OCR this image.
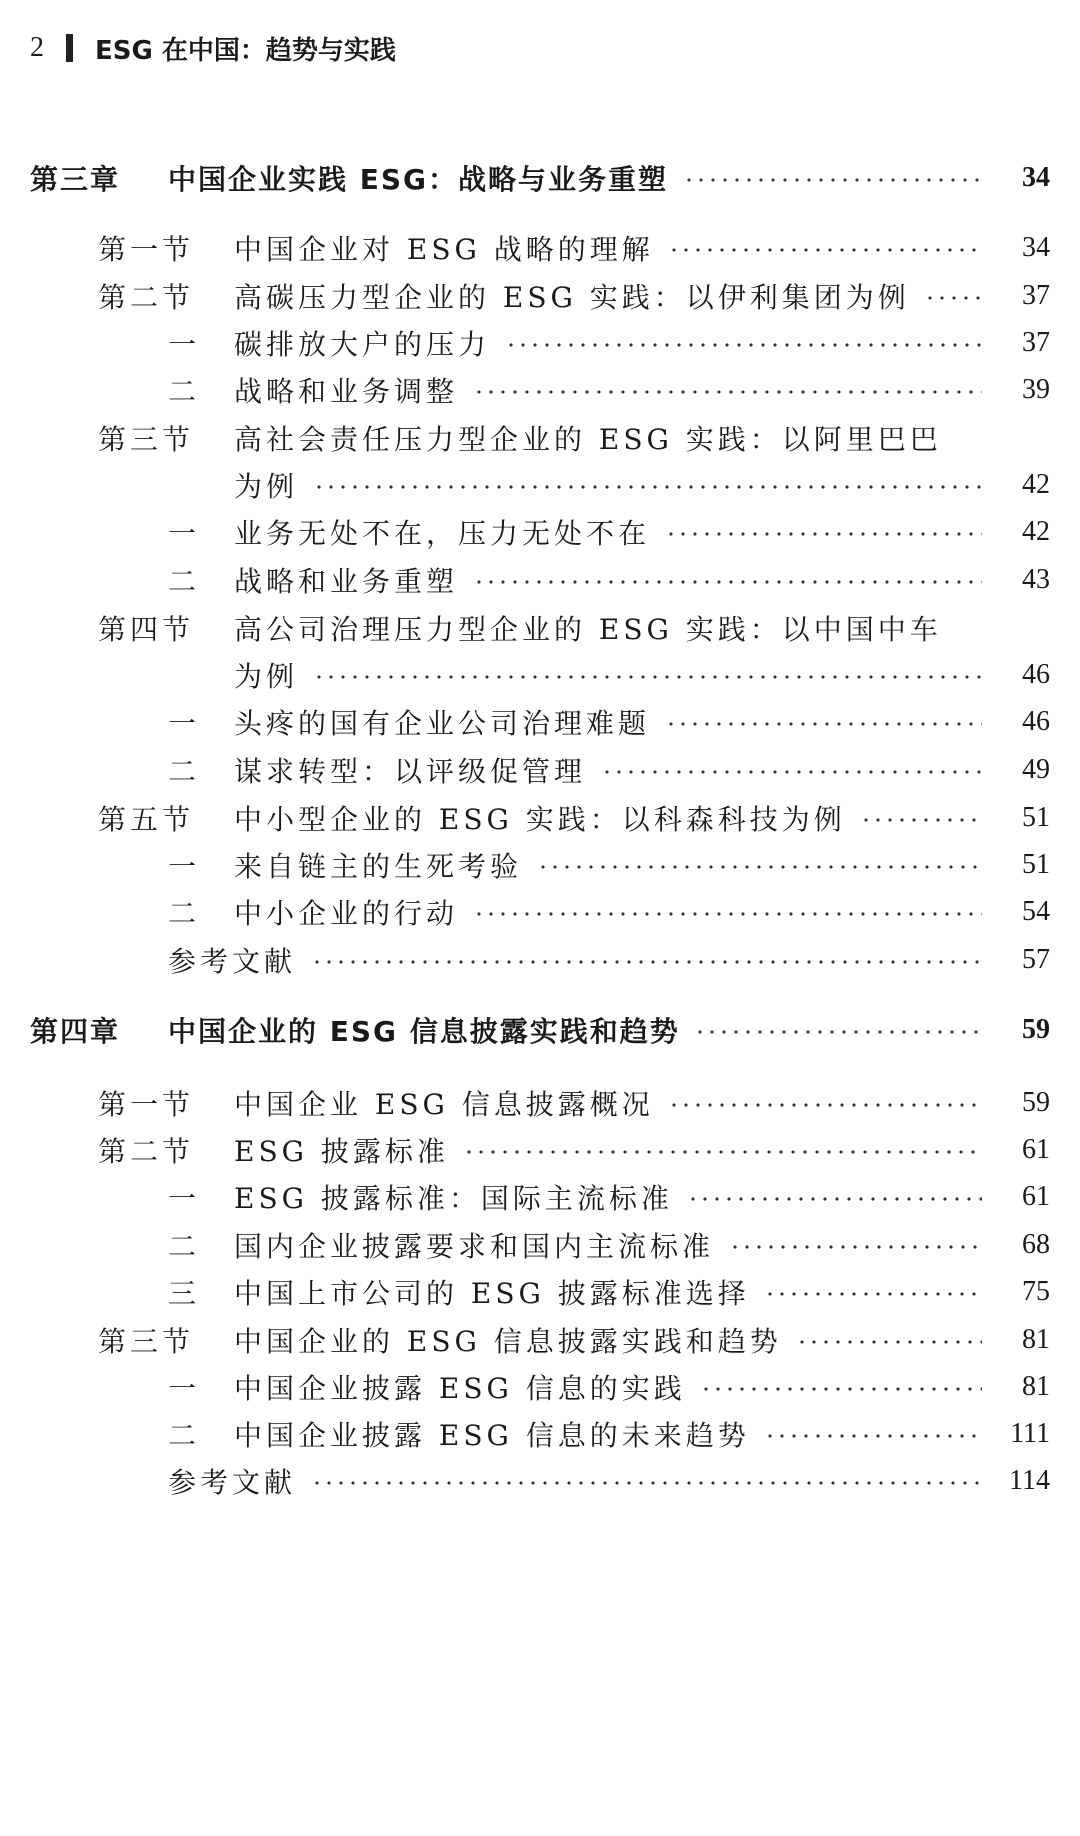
2 ESG 在中国：趋势与实践
第三章 中国企业实践 ESG：战略与业务重塑	34
第一节 中国企业对 ESG 战略的理解	34
第二节 高碳压力型企业的 ESG 实践：以伊利集团为例	37
一 碳排放大户的压力	37
二 战略和业务调整	39
第三节 高社会责任压力型企业的 ESG 实践：以阿里巴巴
为例	42
一 业务无处不在，压力无处不在	42
二 战略和业务重塑	43
第四节 高公司治理压力型企业的 ESG 实践：以中国中车
为例	46
一 头疼的国有企业公司治理难题	46
二 谋求转型：以评级促管理	49
第五节 中小型企业的 ESG 实践：以科森科技为例	51
一 来自链主的生死考验	51
二 中小企业的行动	54
参考文献	57
第四章 中国企业的 ESG 信息披露实践和趋势	59
第一节 中国企业 ESG 信息披露概况	59
第二节 ESG 披露标准	61
一 ESG 披露标准：国际主流标准	61
二 国内企业披露要求和国内主流标准	68
三 中国上市公司的 ESG 披露标准选择	75
第三节 中国企业的 ESG 信息披露实践和趋势	81
一 中国企业披露 ESG 信息的实践	81
二 中国企业披露 ESG 信息的未来趋势	111
参考文献	114
